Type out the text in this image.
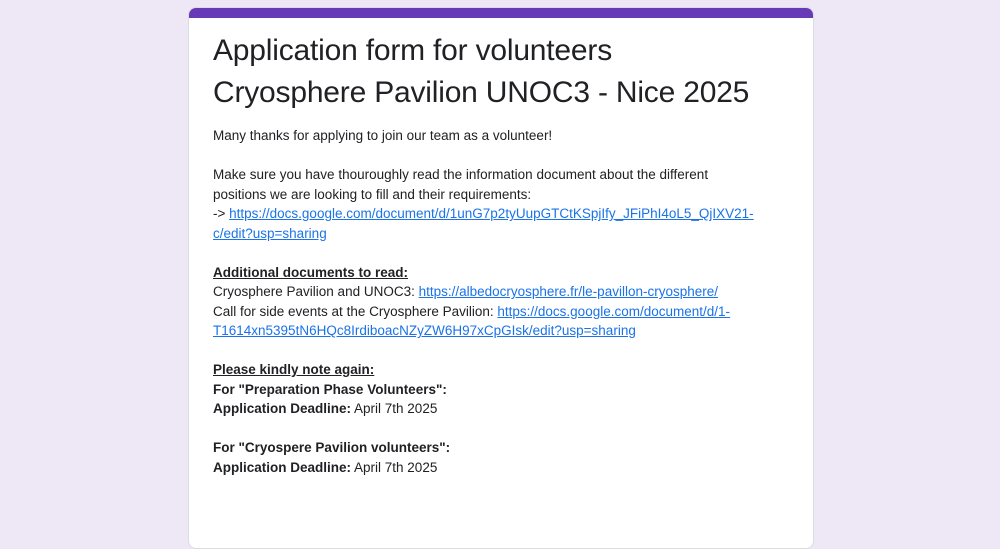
Application form for volunteers
Cryosphere Pavilion UNOC3 - Nice 2025

Many thanks for applying to join our team as a volunteer!

Make sure you have thouroughly read the information document about the different

positions we are looking to fill and their requirements:

-> https://docs.google.com/document/d/1unG7p2tyUupGTCtKSpjIfy_JFiPhI4oL5_QjIXV21-

c/edit?usp=sharing

Additional documents to read:

Cryosphere Pavilion and UNOC3: https://albedocryosphere.fr/le-pavillon-cryosphere/

Call for side events at the Cryosphere Pavilion: https://docs.google.com/document/d/1-

T1614xn5395tN6HQc8IrdiboacNZyZW6H97xCpGIsk/edit?usp=sharing

Please kindly note again:

For "Preparation Phase Volunteers":

Application Deadline: April 7th 2025

For "Cryospere Pavilion volunteers":

Application Deadline: April 7th 2025
